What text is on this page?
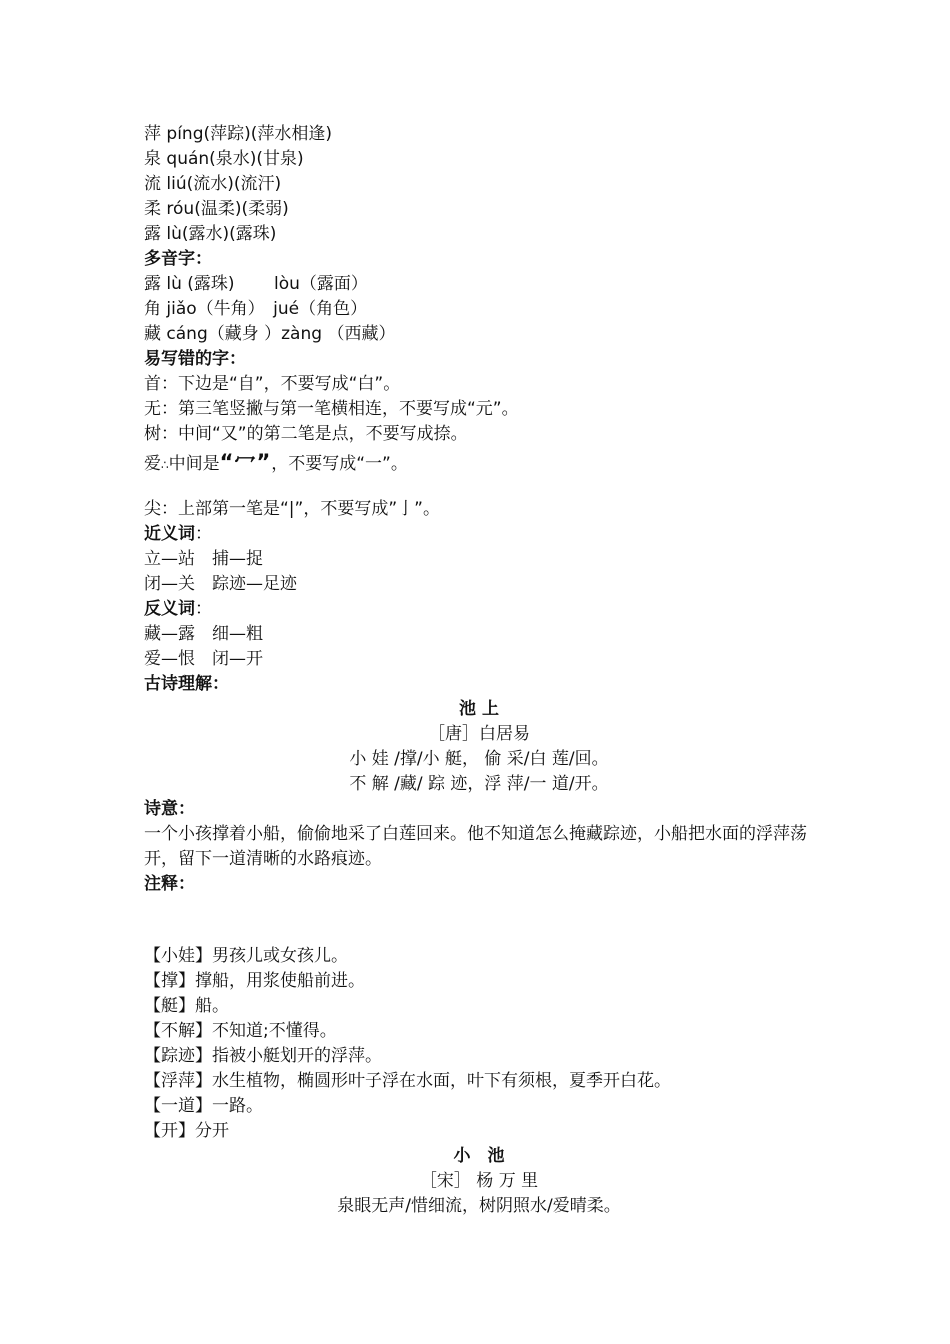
萍 píng(萍踪)(萍水相逢)
泉 quán(泉水)(甘泉)
流 liú(流水)(流汗)
柔 róu(温柔)(柔弱)
露 lù(露水)(露珠)
多音字：
露 lù (露珠)　 　lòu（露面）
角 jiǎo（牛角）　jué（角色）
藏 cáng（藏身 ）zàng （西藏）
易写错的字：
首：下边是“自”，不要写成“白”。
无：第三笔竖撇与第一笔横相连，不要写成“元”。
树：中间“又”的第二笔是点，不要写成捺。
爱∴中间是“冖”，不要写成“一”。
尖：上部第一笔是“|”，不要写成”亅”。
近义词：
立—站　捕—捉
闭—关　踪迹—足迹
反义词：
藏—露　细—粗
爱—恨　闭—开
古诗理解：
池 上
［唐］白居易
小 娃 /撑/小 艇， 偷 采/白 莲/回。
不 解 /藏/ 踪 迹，浮 萍/一 道/开。
诗意：
一个小孩撑着小船，偷偷地采了白莲回来。他不知道怎么掩藏踪迹，小船把水面的浮萍荡开，留下一道清晰的水路痕迹。
注释：
【小娃】男孩儿或女孩儿。
【撑】撑船，用浆使船前进。
【艇】船。
【不解】不知道;不懂得。
【踪迹】指被小艇划开的浮萍。
【浮萍】水生植物，椭圆形叶子浮在水面，叶下有须根，夏季开白花。
【一道】一路。
【开】分开
小　池
［宋］ 杨 万 里
泉眼无声/惜细流，树阴照水/爱晴柔。
